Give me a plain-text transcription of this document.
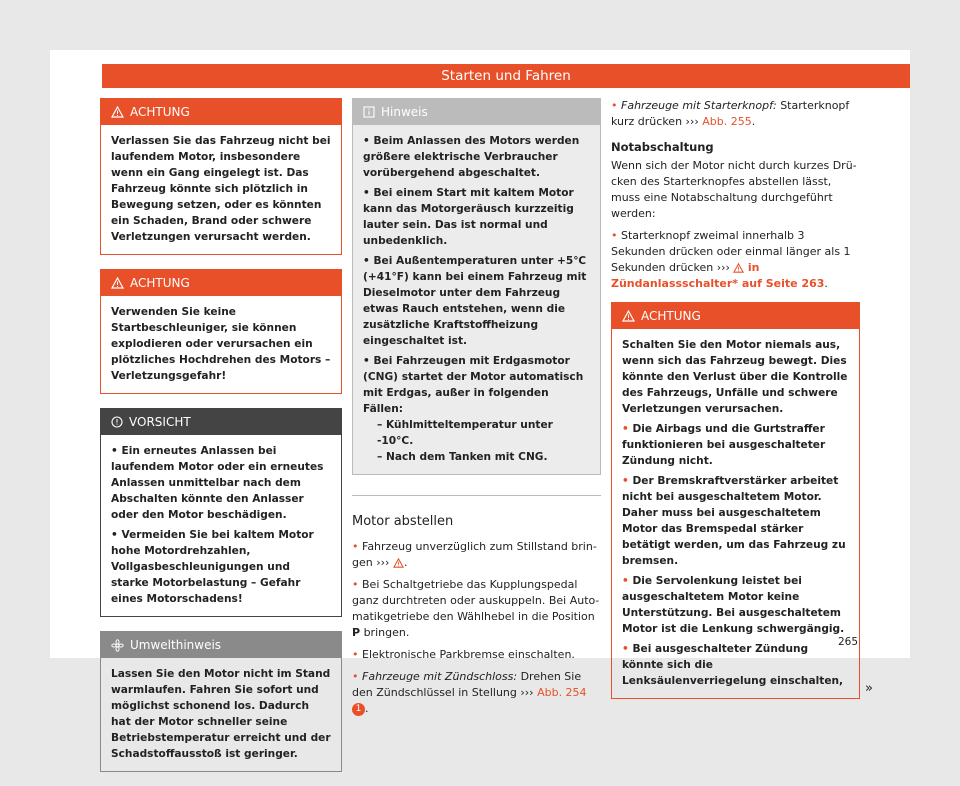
Starten und Fahren
ACHTUNG
Verlassen Sie das Fahrzeug nicht bei laufendem Motor, insbesondere wenn ein Gang eingelegt ist. Das Fahrzeug könnte sich plötzlich in Bewegung setzen, oder es könnten ein Schaden, Brand oder schwere Verletzungen verursacht werden.
ACHTUNG
Verwenden Sie keine Startbeschleuniger, sie können explodieren oder verursachen ein plötzliches Hochdrehen des Motors – Verletzungsgefahr!
VORSICHT
• Ein erneutes Anlassen bei laufendem Motor oder ein erneutes Anlassen unmittelbar nach dem Abschalten könnte den Anlasser oder den Motor beschädigen.
• Vermeiden Sie bei kaltem Motor hohe Motordrehzahlen, Vollgasbeschleunigungen und starke Motorbelastung – Gefahr eines Motorschadens!
Umwelthinweis
Lassen Sie den Motor nicht im Stand warmlaufen. Fahren Sie sofort und möglichst schonend los. Dadurch hat der Motor schneller seine Betriebstemperatur erreicht und der Schadstoffausstoß ist geringer.
Hinweis
• Beim Anlassen des Motors werden größere elektrische Verbraucher vorübergehend abgeschaltet.
• Bei einem Start mit kaltem Motor kann das Motorgeräusch kurzzeitig lauter sein. Das ist normal und unbedenklich.
• Bei Außentemperaturen unter +5℃ (+41°F) kann bei einem Fahrzeug mit Dieselmotor unter dem Fahrzeug etwas Rauch entstehen, wenn die zusätzliche Kraftstoffheizung eingeschaltet ist.
• Bei Fahrzeugen mit Erdgasmotor (CNG) startet der Motor automatisch mit Erdgas, außer in folgenden Fällen:
– Kühlmitteltemperatur unter -10°C.
– Nach dem Tanken mit CNG.
Motor abstellen

• Fahrzeug unverzüglich zum Stillstand bringen ››› .

• Bei Schaltgetriebe das Kupplungspedal ganz durchtreten oder auskuppeln. Bei Automatikgetriebe den Wählhebel in die Position P bringen.

• Elektronische Parkbremse einschalten.

• Fahrzeuge mit Zündschloss: Drehen Sie den Zündschlüssel in Stellung ››› Abb. 254 1 .

• Fahrzeuge mit Starterknopf: Starterknopf kurz drücken ››› Abb. 255.

Notabschaltung

Wenn sich der Motor nicht durch kurzes Drücken des Starterknopfes abstellen lässt, muss eine Notabschaltung durchgeführt werden:

• Starterknopf zweimal innerhalb 3 Sekunden drücken oder einmal länger als 1 Sekunden drücken ››› in Zündanlassschalter* auf Seite 263.

ACHTUNG
Schalten Sie den Motor niemals aus, wenn sich das Fahrzeug bewegt. Dies könnte den Verlust über die Kontrolle des Fahrzeugs, Unfälle und schwere Verletzungen verursachen.
• Die Airbags und die Gurtstraffer funktionieren bei ausgeschalteter Zündung nicht.
• Der Bremskraftverstärker arbeitet nicht bei ausgeschaltetem Motor. Daher muss bei ausgeschaltetem Motor das Bremspedal stärker betätigt werden, um das Fahrzeug zu bremsen.
• Die Servolenkung leistet bei ausgeschaltetem Motor keine Unterstützung. Bei ausgeschaltetem Motor ist die Lenkung schwergängig.
• Bei ausgeschalteter Zündung könnte sich die Lenksäulenverriegelung einschalten,	»
265
